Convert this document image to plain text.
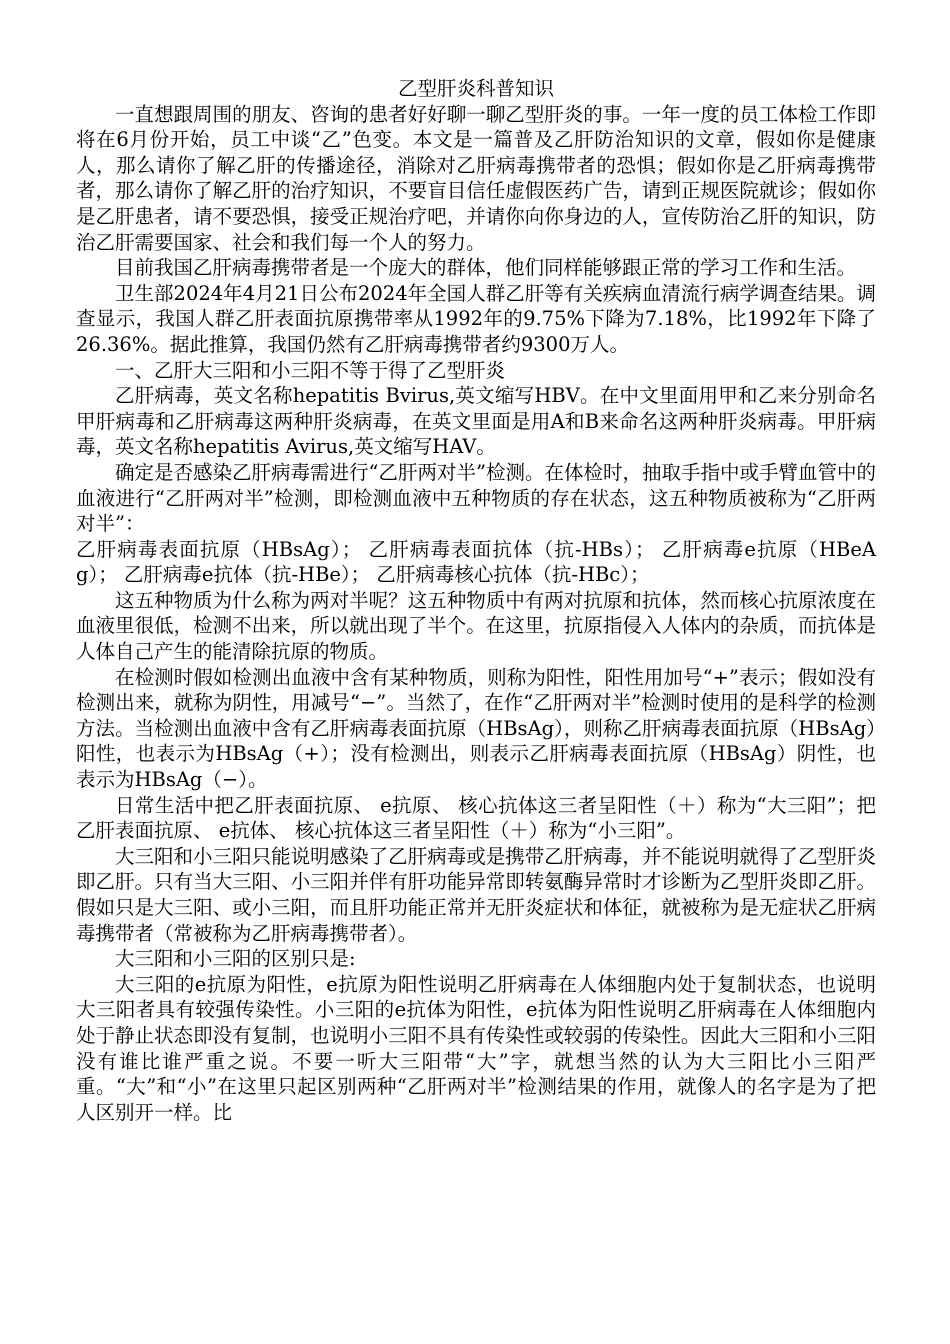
乙型肝炎科普知识

一直想跟周围的朋友、咨询的患者好好聊一聊乙型肝炎的事。一年一度的员工体检工作即将在6月份开始，员工中谈“乙”色变。本文是一篇普及乙肝防治知识的文章，假如你是健康人，那么请你了解乙肝的传播途径，消除对乙肝病毒携带者的恐惧；假如你是乙肝病毒携带者，那么请你了解乙肝的治疗知识，不要盲目信任虚假医药广告，请到正规医院就诊；假如你是乙肝患者，请不要恐惧，接受正规治疗吧，并请你向你身边的人，宣传防治乙肝的知识，防治乙肝需要国家、社会和我们每一个人的努力。

目前我国乙肝病毒携带者是一个庞大的群体，他们同样能够跟正常的学习工作和生活。

卫生部2024年4月21日公布2024年全国人群乙肝等有关疾病血清流行病学调查结果。调查显示，我国人群乙肝表面抗原携带率从1992年的9.75%下降为7.18%，比1992年下降了26.36%。据此推算，我国仍然有乙肝病毒携带者约9300万人。

一、乙肝大三阳和小三阳不等于得了乙型肝炎

乙肝病毒，英文名称hepatitis Bvirus,英文缩写HBV。在中文里面用甲和乙来分别命名甲肝病毒和乙肝病毒这两种肝炎病毒，在英文里面是用A和B来命名这两种肝炎病毒。甲肝病毒，英文名称hepatitis Avirus,英文缩写HAV。

确定是否感染乙肝病毒需进行“乙肝两对半”检测。在体检时，抽取手指中或手臂血管中的血液进行“乙肝两对半”检测，即检测血液中五种物质的存在状态，这五种物质被称为“乙肝两对半”：

乙肝病毒表面抗原（HBsAg）； 乙肝病毒表面抗体（抗-HBs）； 乙肝病毒e抗原（HBeAg）； 乙肝病毒e抗体（抗-HBe）； 乙肝病毒核心抗体（抗-HBc）；

这五种物质为什么称为两对半呢？这五种物质中有两对抗原和抗体，然而核心抗原浓度在血液里很低，检测不出来，所以就出现了半个。在这里，抗原指侵入人体内的杂质，而抗体是人体自己产生的能清除抗原的物质。

在检测时假如检测出血液中含有某种物质，则称为阳性，阳性用加号“+”表示；假如没有检测出来，就称为阴性，用减号“−”。当然了，在作“乙肝两对半”检测时使用的是科学的检测方法。当检测出血液中含有乙肝病毒表面抗原（HBsAg），则称乙肝病毒表面抗原（HBsAg）阳性，也表示为HBsAg（+）；没有检测出，则表示乙肝病毒表面抗原（HBsAg）阴性，也表示为HBsAg（−）。

日常生活中把乙肝表面抗原、 e抗原、 核心抗体这三者呈阳性（＋）称为“大三阳”；把乙肝表面抗原、 e抗体、 核心抗体这三者呈阳性（＋）称为“小三阳”。

大三阳和小三阳只能说明感染了乙肝病毒或是携带乙肝病毒，并不能说明就得了乙型肝炎即乙肝。只有当大三阳、小三阳并伴有肝功能异常即转氨酶异常时才诊断为乙型肝炎即乙肝。假如只是大三阳、或小三阳，而且肝功能正常并无肝炎症状和体征，就被称为是无症状乙肝病毒携带者（常被称为乙肝病毒携带者）。

大三阳和小三阳的区别只是:

大三阳的e抗原为阳性，e抗原为阳性说明乙肝病毒在人体细胞内处于复制状态，也说明大三阳者具有较强传染性。小三阳的e抗体为阳性，e抗体为阳性说明乙肝病毒在人体细胞内处于静止状态即没有复制，也说明小三阳不具有传染性或较弱的传染性。因此大三阳和小三阳没有谁比谁严重之说。不要一听大三阳带“大”字，就想当然的认为大三阳比小三阳严重。“大”和“小”在这里只起区别两种“乙肝两对半”检测结果的作用，就像人的名字是为了把人区别开一样。比
